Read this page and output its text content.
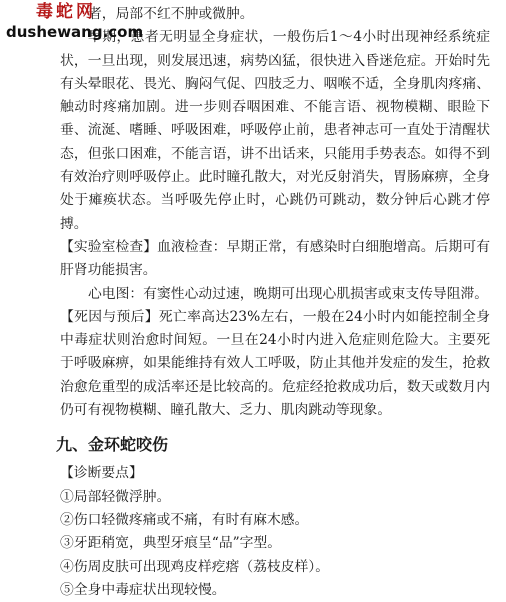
毒蛇网
dushewang.com

者，局部不红不肿或微肿。

早期，患者无明显全身症状，一般伤后1～4小时出现神经系统症状，一旦出现，则发展迅速，病势凶猛，很快进入昏迷危症。开始时先有头晕眼花、畏光、胸闷气促、四肢乏力、咽喉不适，全身肌肉疼痛、触动时疼痛加剧。进一步则吞咽困难、不能言语、视物模糊、眼睑下垂、流涎、嗜睡、呼吸困难，呼吸停止前，患者神志可一直处于清醒状态，但张口困难，不能言语，讲不出话来，只能用手势表态。如得不到有效治疗则呼吸停止。此时瞳孔散大，对光反射消失，胃肠麻痹，全身处于瘫痪状态。当呼吸先停止时，心跳仍可跳动，数分钟后心跳才停搏。

【实验室检查】血液检查：早期正常，有感染时白细胞增高。后期可有肝肾功能损害。

心电图：有窦性心动过速，晚期可出现心肌损害或束支传导阻滞。

【死因与预后】死亡率高达23%左右，一般在24小时内如能控制全身中毒症状则治愈时间短。一旦在24小时内进入危症则危险大。主要死于呼吸麻痹，如果能维持有效人工呼吸，防止其他并发症的发生，抢救治愈危重型的成活率还是比较高的。危症经抢救成功后，数天或数月内仍可有视物模糊、瞳孔散大、乏力、肌肉跳动等现象。

九、金环蛇咬伤

【诊断要点】

①局部轻微浮肿。

②伤口轻微疼痛或不痛，有时有麻木感。

③牙距稍宽，典型牙痕呈“品”字型。

④伤周皮肤可出现鸡皮样疙瘩（荔枝皮样）。

⑤全身中毒症状出现较慢。
